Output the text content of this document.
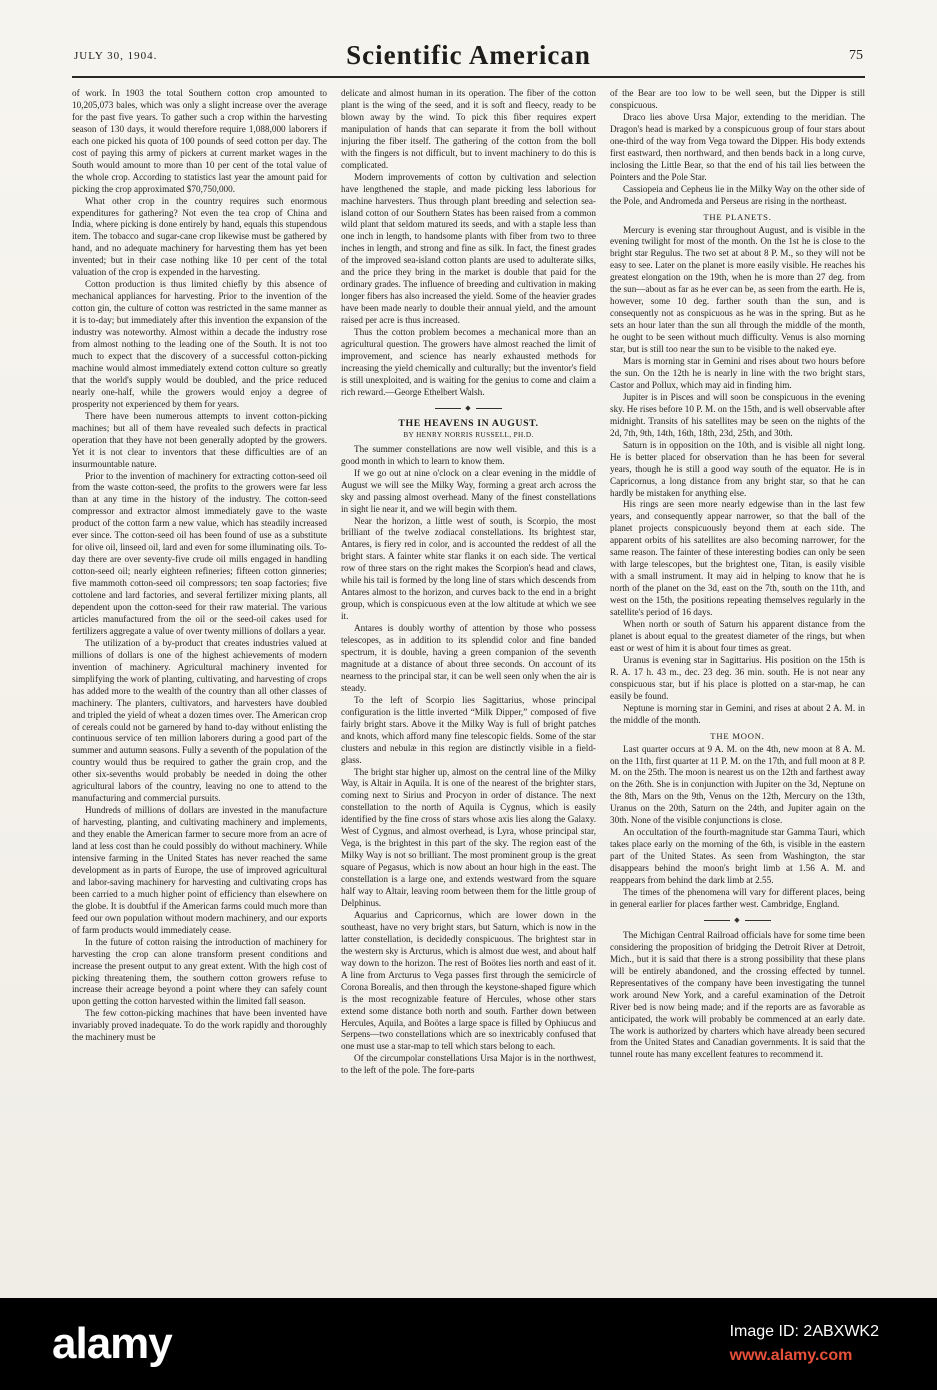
JULY 30, 1904.	Scientific American	75

of work. In 1903 the total Southern cotton crop amounted to 10,205,073 bales, which was only a slight increase over the average for the past five years. To gather such a crop within the harvesting season of 130 days, it would therefore require 1,088,000 laborers if each one picked his quota of 100 pounds of seed cotton per day. The cost of paying this army of pickers at current market wages in the South would amount to more than 10 per cent of the total value of the whole crop. According to statistics last year the amount paid for picking the crop approximated $70,750,000.

What other crop in the country requires such enormous expenditures for gathering? Not even the tea crop of China and India, where picking is done entirely by hand, equals this stupendous item. The tobacco and sugar-cane crop likewise must be gathered by hand, and no adequate machinery for harvesting them has yet been invented; but in their case nothing like 10 per cent of the total valuation of the crop is expended in the harvesting.

Cotton production is thus limited chiefly by this absence of mechanical appliances for harvesting. Prior to the invention of the cotton gin, the culture of cotton was restricted in the same manner as it is to-day; but immediately after this invention the expansion of the industry was noteworthy. Almost within a decade the industry rose from almost nothing to the leading one of the South. It is not too much to expect that the discovery of a successful cotton-picking machine would almost immediately extend cotton culture so greatly that the world's supply would be doubled, and the price reduced nearly one-half, while the growers would enjoy a degree of prosperity not experienced by them for years.

There have been numerous attempts to invent cotton-picking machines; but all of them have revealed such defects in practical operation that they have not been generally adopted by the growers. Yet it is not clear to inventors that these difficulties are of an insurmountable nature.

Prior to the invention of machinery for extracting cotton-seed oil from the waste cotton-seed, the profits to the growers were far less than at any time in the history of the industry. The cotton-seed compressor and extractor almost immediately gave to the waste product of the cotton farm a new value, which has steadily increased ever since. The cotton-seed oil has been found of use as a substitute for olive oil, linseed oil, lard and even for some illuminating oils. To-day there are over seventy-five crude oil mills engaged in handling cotton-seed oil; nearly eighteen refineries; fifteen cotton ginneries; five mammoth cotton-seed oil compressors; ten soap factories; five cottolene and lard factories, and several fertilizer mixing plants, all dependent upon the cotton-seed for their raw material. The various articles manufactured from the oil or the seed-oil cakes used for fertilizers aggregate a value of over twenty millions of dollars a year.

The utilization of a by-product that creates industries valued at millions of dollars is one of the highest achievements of modern invention of machinery. Agricultural machinery invented for simplifying the work of planting, cultivating, and harvesting of crops has added more to the wealth of the country than all other classes of machinery. The planters, cultivators, and harvesters have doubled and tripled the yield of wheat a dozen times over. The American crop of cereals could not be garnered by hand to-day without enlisting the continuous service of ten million laborers during a good part of the summer and autumn seasons. Fully a seventh of the population of the country would thus be required to gather the grain crop, and the other six-sevenths would probably be needed in doing the other agricultural labors of the country, leaving no one to attend to the manufacturing and commercial pursuits.

Hundreds of millions of dollars are invested in the manufacture of harvesting, planting, and cultivating machinery and implements, and they enable the American farmer to secure more from an acre of land at less cost than he could possibly do without machinery. While intensive farming in the United States has never reached the same development as in parts of Europe, the use of improved agricultural and labor-saving machinery for harvesting and cultivating crops has been carried to a much higher point of efficiency than elsewhere on the globe. It is doubtful if the American farms could much more than feed our own population without modern machinery, and our exports of farm products would immediately cease.

In the future of cotton raising the introduction of machinery for harvesting the crop can alone transform present conditions and increase the present output to any great extent. With the high cost of picking threatening them, the southern cotton growers refuse to increase their acreage beyond a point where they can safely count upon getting the cotton harvested within the limited fall season.

The few cotton-picking machines that have been invented have invariably proved inadequate. To do the work rapidly and thoroughly the machinery must be

delicate and almost human in its operation. The fiber of the cotton plant is the wing of the seed, and it is soft and fleecy, ready to be blown away by the wind. To pick this fiber requires expert manipulation of hands that can separate it from the boll without injuring the fiber itself. The gathering of the cotton from the boll with the fingers is not difficult, but to invent machinery to do this is complicated.

Modern improvements of cotton by cultivation and selection have lengthened the staple, and made picking less laborious for machine harvesters. Thus through plant breeding and selection sea-island cotton of our Southern States has been raised from a common wild plant that seldom matured its seeds, and with a staple less than one inch in length, to handsome plants with fiber from two to three inches in length, and strong and fine as silk. In fact, the finest grades of the improved sea-island cotton plants are used to adulterate silks, and the price they bring in the market is double that paid for the ordinary grades. The influence of breeding and cultivation in making longer fibers has also increased the yield. Some of the heavier grades have been made nearly to double their annual yield, and the amount raised per acre is thus increased.

Thus the cotton problem becomes a mechanical more than an agricultural question. The growers have almost reached the limit of improvement, and science has nearly exhausted methods for increasing the yield chemically and culturally; but the inventor's field is still unexploited, and is waiting for the genius to come and claim a rich reward.—George Ethelbert Walsh.

◆
THE HEAVENS IN AUGUST.
BY HENRY NORRIS RUSSELL, PH.D.

The summer constellations are now well visible, and this is a good month in which to learn to know them.

If we go out at nine o'clock on a clear evening in the middle of August we will see the Milky Way, forming a great arch across the sky and passing almost overhead. Many of the finest constellations in sight lie near it, and we will begin with them.

Near the horizon, a little west of south, is Scorpio, the most brilliant of the twelve zodiacal constellations. Its brightest star, Antares, is fiery red in color, and is accounted the reddest of all the bright stars. A fainter white star flanks it on each side. The vertical row of three stars on the right makes the Scorpion's head and claws, while his tail is formed by the long line of stars which descends from Antares almost to the horizon, and curves back to the end in a bright group, which is conspicuous even at the low altitude at which we see it.

Antares is doubly worthy of attention by those who possess telescopes, as in addition to its splendid color and fine banded spectrum, it is double, having a green companion of the seventh magnitude at a distance of about three seconds. On account of its nearness to the principal star, it can be well seen only when the air is steady.

To the left of Scorpio lies Sagittarius, whose principal configuration is the little inverted “Milk Dipper,” composed of five fairly bright stars. Above it the Milky Way is full of bright patches and knots, which afford many fine telescopic fields. Some of the star clusters and nebulæ in this region are distinctly visible in a field-glass.

The bright star higher up, almost on the central line of the Milky Way, is Altair in Aquila. It is one of the nearest of the brighter stars, coming next to Sirius and Procyon in order of distance. The next constellation to the north of Aquila is Cygnus, which is easily identified by the fine cross of stars whose axis lies along the Galaxy. West of Cygnus, and almost overhead, is Lyra, whose principal star, Vega, is the brightest in this part of the sky. The region east of the Milky Way is not so brilliant. The most prominent group is the great square of Pegasus, which is now about an hour high in the east. The constellation is a large one, and extends westward from the square half way to Altair, leaving room between them for the little group of Delphinus.

Aquarius and Capricornus, which are lower down in the southeast, have no very bright stars, but Saturn, which is now in the latter constellation, is decidedly conspicuous. The brightest star in the western sky is Arcturus, which is almost due west, and about half way down to the horizon. The rest of Boötes lies north and east of it. A line from Arcturus to Vega passes first through the semicircle of Corona Borealis, and then through the keystone-shaped figure which is the most recognizable feature of Hercules, whose other stars extend some distance both north and south. Farther down between Hercules, Aquila, and Boötes a large space is filled by Ophiucus and Serpens—two constellations which are so inextricably confused that one must use a star-map to tell which stars belong to each.

Of the circumpolar constellations Ursa Major is in the northwest, to the left of the pole. The fore-parts

of the Bear are too low to be well seen, but the Dipper is still conspicuous.

Draco lies above Ursa Major, extending to the meridian. The Dragon's head is marked by a conspicuous group of four stars about one-third of the way from Vega toward the Dipper. His body extends first eastward, then northward, and then bends back in a long curve, inclosing the Little Bear, so that the end of his tail lies between the Pointers and the Pole Star.

Cassiopeia and Cepheus lie in the Milky Way on the other side of the Pole, and Andromeda and Perseus are rising in the northeast.

THE PLANETS.

Mercury is evening star throughout August, and is visible in the evening twilight for most of the month. On the 1st he is close to the bright star Regulus. The two set at about 8 P. M., so they will not be easy to see. Later on the planet is more easily visible. He reaches his greatest elongation on the 19th, when he is more than 27 deg. from the sun—about as far as he ever can be, as seen from the earth. He is, however, some 10 deg. farther south than the sun, and is consequently not as conspicuous as he was in the spring. But as he sets an hour later than the sun all through the middle of the month, he ought to be seen without much difficulty. Venus is also morning star, but is still too near the sun to be visible to the naked eye.

Mars is morning star in Gemini and rises about two hours before the sun. On the 12th he is nearly in line with the two bright stars, Castor and Pollux, which may aid in finding him.

Jupiter is in Pisces and will soon be conspicuous in the evening sky. He rises before 10 P. M. on the 15th, and is well observable after midnight. Transits of his satellites may be seen on the nights of the 2d, 7th, 9th, 14th, 16th, 18th, 23d, 25th, and 30th.

Saturn is in opposition on the 10th, and is visible all night long. He is better placed for observation than he has been for several years, though he is still a good way south of the equator. He is in Capricornus, a long distance from any bright star, so that he can hardly be mistaken for anything else.

His rings are seen more nearly edgewise than in the last few years, and consequently appear narrower, so that the ball of the planet projects conspicuously beyond them at each side. The apparent orbits of his satellites are also becoming narrower, for the same reason. The fainter of these interesting bodies can only be seen with large telescopes, but the brightest one, Titan, is easily visible with a small instrument. It may aid in helping to know that he is north of the planet on the 3d, east on the 7th, south on the 11th, and west on the 15th, the positions repeating themselves regularly in the satellite's period of 16 days.

When north or south of Saturn his apparent distance from the planet is about equal to the greatest diameter of the rings, but when east or west of him it is about four times as great.

Uranus is evening star in Sagittarius. His position on the 15th is R. A. 17 h. 43 m., dec. 23 deg. 36 min. south. He is not near any conspicuous star, but if his place is plotted on a star-map, he can easily be found.

Neptune is morning star in Gemini, and rises at about 2 A. M. in the middle of the month.

THE MOON.

Last quarter occurs at 9 A. M. on the 4th, new moon at 8 A. M. on the 11th, first quarter at 11 P. M. on the 17th, and full moon at 8 P. M. on the 25th. The moon is nearest us on the 12th and farthest away on the 26th. She is in conjunction with Jupiter on the 3d, Neptune on the 8th, Mars on the 9th, Venus on the 12th, Mercury on the 13th, Uranus on the 20th, Saturn on the 24th, and Jupiter again on the 30th. None of the visible conjunctions is close.

An occultation of the fourth-magnitude star Gamma Tauri, which takes place early on the morning of the 6th, is visible in the eastern part of the United States. As seen from Washington, the star disappears behind the moon's bright limb at 1.56 A. M. and reappears from behind the dark limb at 2.55.

The times of the phenomena will vary for different places, being in general earlier for places farther west. Cambridge, England.

◆

The Michigan Central Railroad officials have for some time been considering the proposition of bridging the Detroit River at Detroit, Mich., but it is said that there is a strong possibility that these plans will be entirely abandoned, and the crossing effected by tunnel. Representatives of the company have been investigating the tunnel work around New York, and a careful examination of the Detroit River bed is now being made; and if the reports are as favorable as anticipated, the work will probably be commenced at an early date. The work is authorized by charters which have already been secured from the United States and Canadian governments. It is said that the tunnel route has many excellent features to recommend it.

alamy	Image ID: 2ABXWK2
www.alamy.com
